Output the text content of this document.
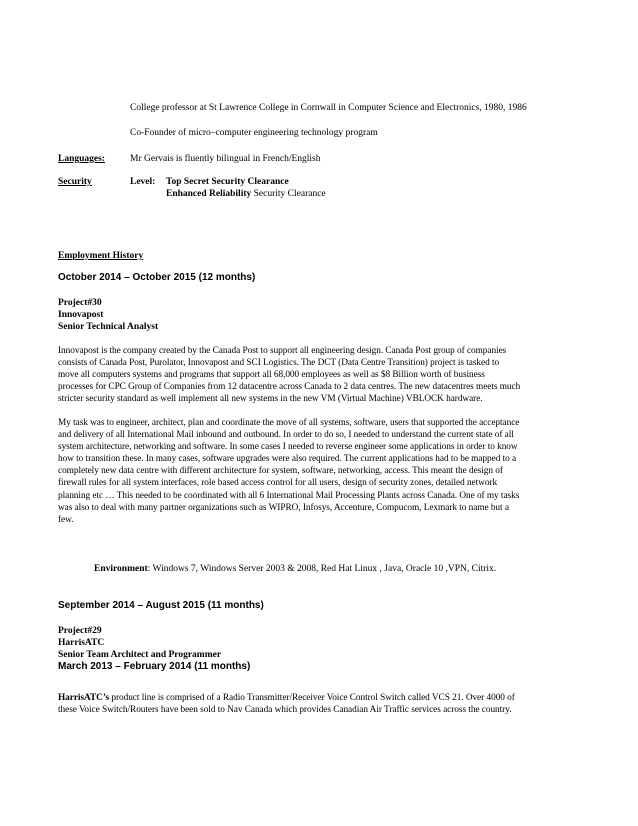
College professor at St Lawrence College in Cornwall in Computer Science and Electronics, 1980, 1986
Co-Founder of micro–computer engineering technology program
Languages:	Mr Gervais is fluently bilingual in French/English
Security	Level: Top Secret Security Clearance
Enhanced Reliability Security Clearance
Employment History
October 2014 – October 2015 (12 months)
Project#30
Innovapost
Senior Technical Analyst
Innovapost is the company created by the Canada Post to support all engineering design. Canada Post group of companies
consists of Canada Post, Purolator, Innovapost and SCI Logistics. The DCT (Data Centre Transition) project is tasked to
move all computers systems and programs that support all 68,000 employees as well as $8 Billion worth of business
processes for CPC Group of Companies from 12 datacentre across Canada to 2 data centres. The new datacentres meets much
stricter security standard as well implement all new systems in the new VM (Virtual Machine) VBLOCK hardware.
My task was to engineer, architect, plan and coordinate the move of all systems, software, users that supported the acceptance
and delivery of all International Mail inbound and outbound. In order to do so, I needed to understand the current state of all
system architecture, networking and software. In some cases I needed to reverse engineer some applications in order to know
how to transition these. In many cases, software upgrades were also required. The current applications had to be mapped to a
completely new data centre with different architecture for system, software, networking, access. This meant the design of
firewall rules for all system interfaces, role based access control for all users, design of security zones, detailed network
planning etc … This needed to be coordinated with all 6 International Mail Processing Plants across Canada. One of my tasks
was also to deal with many partner organizations such as WIPRO, Infosys, Accenture, Compucom, Lexmark to name but a
few.
Environment: Windows 7, Windows Server 2003 & 2008, Red Hat Linux , Java, Oracle 10 ,VPN, Citrix.
September 2014 – August 2015 (11 months)
Project#29
HarrisATC
Senior Team Architect and Programmer
March 2013 – February 2014 (11 months)
HarrisATC’s product line is comprised of a Radio Transmitter/Receiver Voice Control Switch called VCS 21. Over 4000 of
these Voice Switch/Routers have been sold to Nav Canada which provides Canadian Air Traffic services across the country.
